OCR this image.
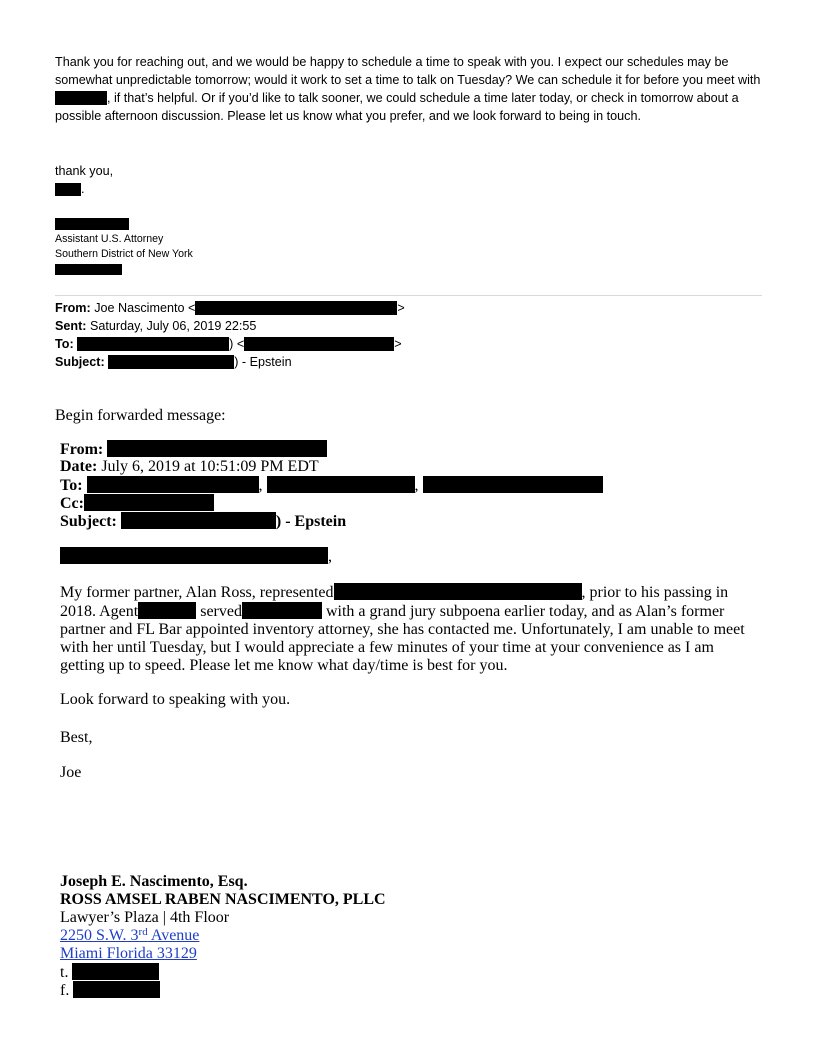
Thank you for reaching out, and we would be happy to schedule a time to speak with you. I expect our schedules may be somewhat unpredictable tomorrow; would it work to set a time to talk on Tuesday? We can schedule it for before you meet with , if that’s helpful. Or if you’d like to talk sooner, we could schedule a time later today, or check in tomorrow about a possible afternoon discussion. Please let us know what you prefer, and we look forward to being in touch.

thank you,
.
Assistant U.S. Attorney
Southern District of New York
From: Joe Nascimento <	>
Sent: Saturday, July 06, 2019 22:55
To:	) <	>
Subject:	) - Epstein
Begin forwarded message:
From:
Date: July 6, 2019 at 10:51:09 PM EDT
To:	,	,
Cc:
Subject:	) - Epstein
,

My former partner, Alan Ross, represented	, prior to his passing in 2018. Agent	served	with a grand jury subpoena earlier today, and as Alan’s former partner and FL Bar appointed inventory attorney, she has contacted me. Unfortunately, I am unable to meet with her until Tuesday, but I would appreciate a few minutes of your time at your convenience as I am getting up to speed. Please let me know what day/time is best for you.

Look forward to speaking with you.
Best,
Joe
Joseph E. Nascimento, Esq.
ROSS AMSEL RABEN NASCIMENTO, PLLC
Lawyer’s Plaza | 4th Floor
2250 S.W. 3rd Avenue
Miami Florida 33129
t.
f.
